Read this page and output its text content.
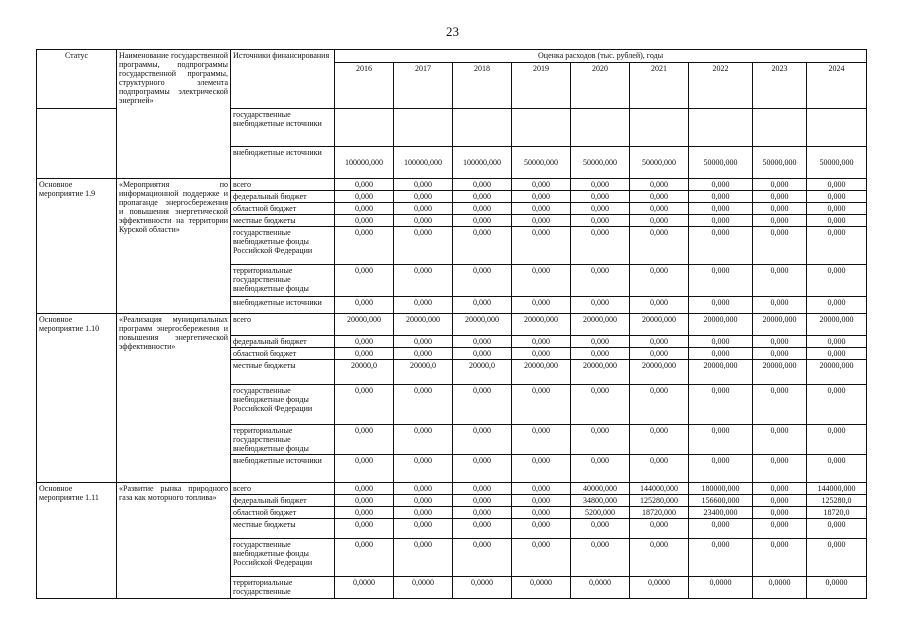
23
Статус	Наименование государственной программы, подпрограммы государственной программы, структурного элемента подпрограммы электрической энергией»	Источники финансирования	Оценка расходов (тыс. рублей), годы								
			2016	2017	2018	2019	2020	2021	2022	2023	2024
		государственные внебюджетные источники									
		внебюджетные источники	100000,000	100000,000	100000,000	50000,000	50000,000	50000,000	50000,000	50000,000	50000,000
Основное мероприятие 1.9	«Мероприятия по информационной поддержке и пропаганде энергосбережения и повышения энергетической эффективности на территории Курской области»	всего	0,000	0,000	0,000	0,000	0,000	0,000	0,000	0,000	0,000
		федеральный бюджет	0,000	0,000	0,000	0,000	0,000	0,000	0,000	0,000	0,000
		областной бюджет	0,000	0,000	0,000	0,000	0,000	0,000	0,000	0,000	0,000
		местные бюджеты	0,000	0,000	0,000	0,000	0,000	0,000	0,000	0,000	0,000
		государственные внебюджетные фонды Российской Федерации	0,000	0,000	0,000	0,000	0,000	0,000	0,000	0,000	0,000
		территориальные государственные внебюджетные фонды	0,000	0,000	0,000	0,000	0,000	0,000	0,000	0,000	0,000
		внебюджетные источники	0,000	0,000	0,000	0,000	0,000	0,000	0,000	0,000	0,000
Основное мероприятие 1.10	«Реализация муниципальных программ энергосбережения и повышения энергетической эффективности»	всего	20000,000	20000,000	20000,000	20000,000	20000,000	20000,000	20000,000	20000,000	20000,000
		федеральный бюджет	0,000	0,000	0,000	0,000	0,000	0,000	0,000	0,000	0,000
		областной бюджет	0,000	0,000	0,000	0,000	0,000	0,000	0,000	0,000	0,000
		местные бюджеты	20000,0	20000,0	20000,0	20000,000	20000,000	20000,000	20000,000	20000,000	20000,000
		государственные внебюджетные фонды Российской Федерации	0,000	0,000	0,000	0,000	0,000	0,000	0,000	0,000	0,000
		территориальные государственные внебюджетные фонды	0,000	0,000	0,000	0,000	0,000	0,000	0,000	0,000	0,000
		внебюджетные источники	0,000	0,000	0,000	0,000	0,000	0,000	0,000	0,000	0,000
Основное мероприятие 1.11	«Развитие рынка природного газа как моторного топлива»	всего	0,000	0,000	0,000	0,000	40000,000	144000,000	180000,000	0,000	144000,000
		федеральный бюджет	0,000	0,000	0,000	0,000	34800,000	125280,000	156600,000	0,000	125280,0
		областной бюджет	0,000	0,000	0,000	0,000	5200,000	18720,000	23400,000	0,000	18720,0
		местные бюджеты	0,000	0,000	0,000	0,000	0,000	0,000	0,000	0,000	0,000
		государственные внебюджетные фонды Российской Федерации	0,000	0,000	0,000	0,000	0,000	0,000	0,000	0,000	0,000
		территориальные государственные	0,0000	0,0000	0,0000	0,0000	0,0000	0,0000	0,0000	0,0000	0,0000
